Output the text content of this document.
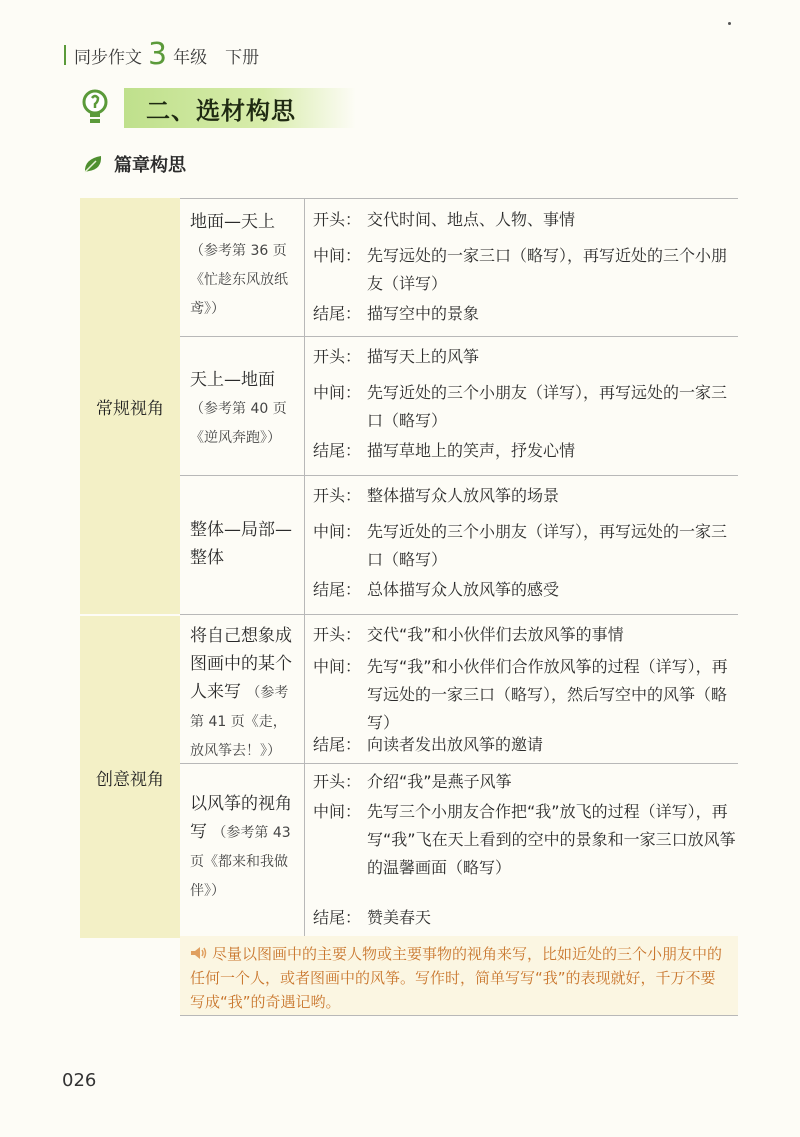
同步作文 3 年级 下册
二、选材构思
篇章构思
常规视角
创意视角
地面—天上 （参考第 36 页《忙趁东风放纸鸢》）
开头： 交代时间、地点、人物、事情
中间： 先写远处的一家三口（略写），再写近处的三个小朋友（详写）
结尾： 描写空中的景象
天上—地面 （参考第 40 页《逆风奔跑》）
开头： 描写天上的风筝
中间： 先写近处的三个小朋友（详写），再写远处的一家三口（略写）
结尾： 描写草地上的笑声，抒发心情
整体—局部—整体
开头： 整体描写众人放风筝的场景
中间： 先写近处的三个小朋友（详写），再写远处的一家三口（略写）
结尾： 总体描写众人放风筝的感受
将自己想象成图画中的某个人来写 （参考第 41 页《走，放风筝去！》）
开头： 交代“我”和小伙伴们去放风筝的事情
中间： 先写“我”和小伙伴们合作放风筝的过程（详写），再写远处的一家三口（略写），然后写空中的风筝（略写）
结尾： 向读者发出放风筝的邀请
以风筝的视角写 （参考第 43 页《都来和我做伴》）
开头： 介绍“我”是燕子风筝
中间： 先写三个小朋友合作把“我”放飞的过程（详写），再写“我”飞在天上看到的空中的景象和一家三口放风筝的温馨画面（略写）
结尾： 赞美春天
尽量以图画中的主要人物或主要事物的视角来写，比如近处的三个小朋友中的任何一个人，或者图画中的风筝。写作时，简单写写“我”的表现就好，千万不要写成“我”的奇遇记哟。
026
